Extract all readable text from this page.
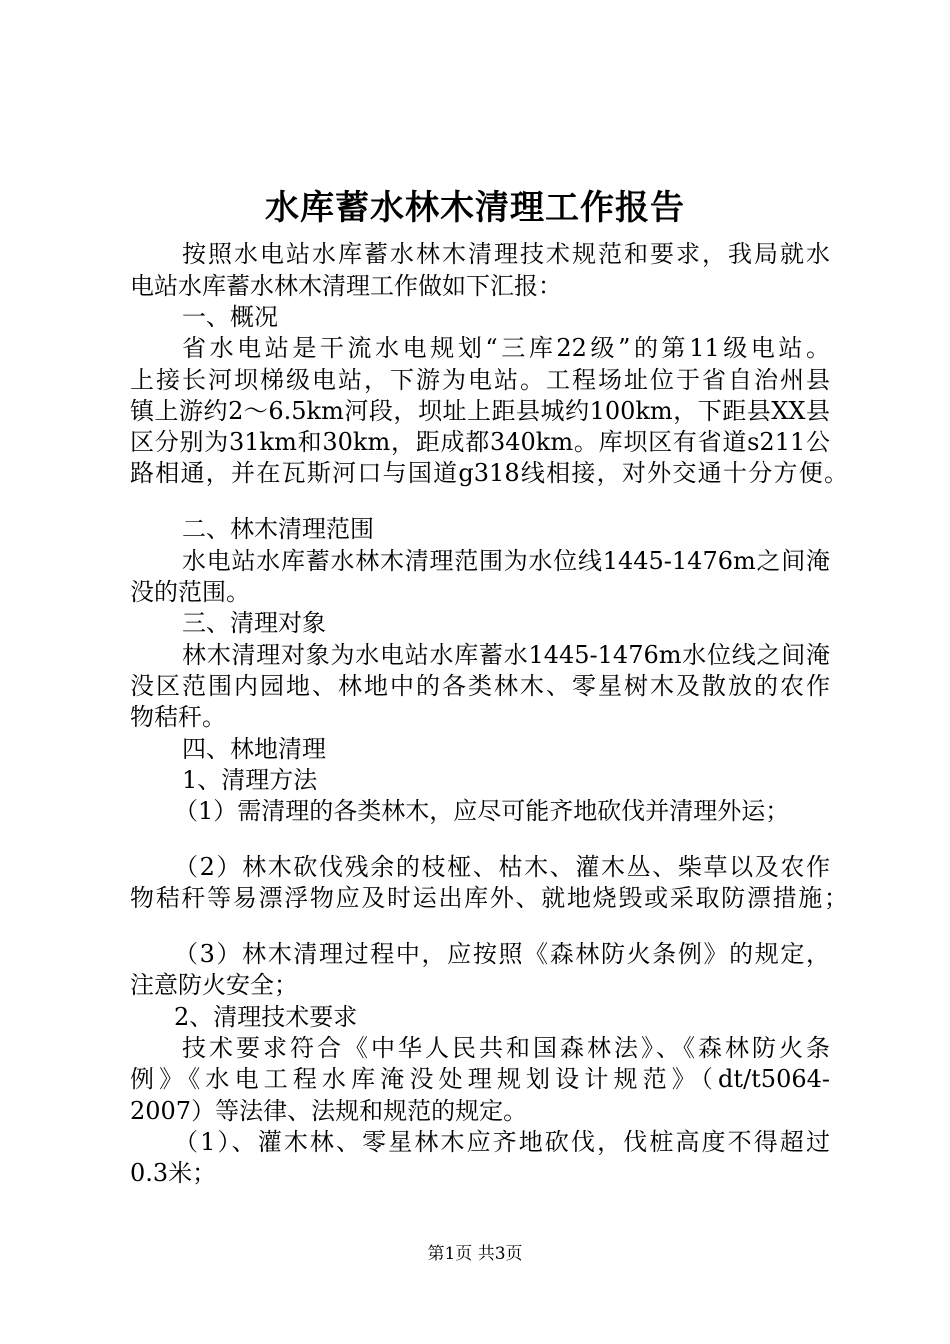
水库蓄水林木清理工作报告
按照水电站水库蓄水林木清理技术规范和要求，我局就水
电站水库蓄水林木清理工作做如下汇报：
一、概况
省水电站是干流水电规划“三库22级”的第11级电站。
上接长河坝梯级电站，下游为电站。工程场址位于省自治州县
镇上游约2～6.5km河段，坝址上距县城约100km，下距县XX县
区分别为31km和30km，距成都340km。库坝区有省道s211公
路相通，并在瓦斯河口与国道g318线相接，对外交通十分方便。
二、林木清理范围
水电站水库蓄水林木清理范围为水位线1445-1476m之间淹
没的范围。
三、清理对象
林木清理对象为水电站水库蓄水1445-1476m水位线之间淹
没区范围内园地、林地中的各类林木、零星树木及散放的农作
物秸秆。
四、林地清理
1、清理方法
（1）需清理的各类林木，应尽可能齐地砍伐并清理外运；
（2）林木砍伐残余的枝桠、枯木、灌木丛、柴草以及农作
物秸秆等易漂浮物应及时运出库外、就地烧毁或采取防漂措施；
（3）林木清理过程中，应按照《森林防火条例》的规定，
注意防火安全；
2、清理技术要求
技术要求符合《中华人民共和国森林法》、《森林防火条
例》《水电工程水库淹没处理规划设计规范》（dt/t5064-
2007）等法律、法规和规范的规定。
（1）、灌木林、零星林木应齐地砍伐，伐桩高度不得超过
0.3米；
第1页 共3页
